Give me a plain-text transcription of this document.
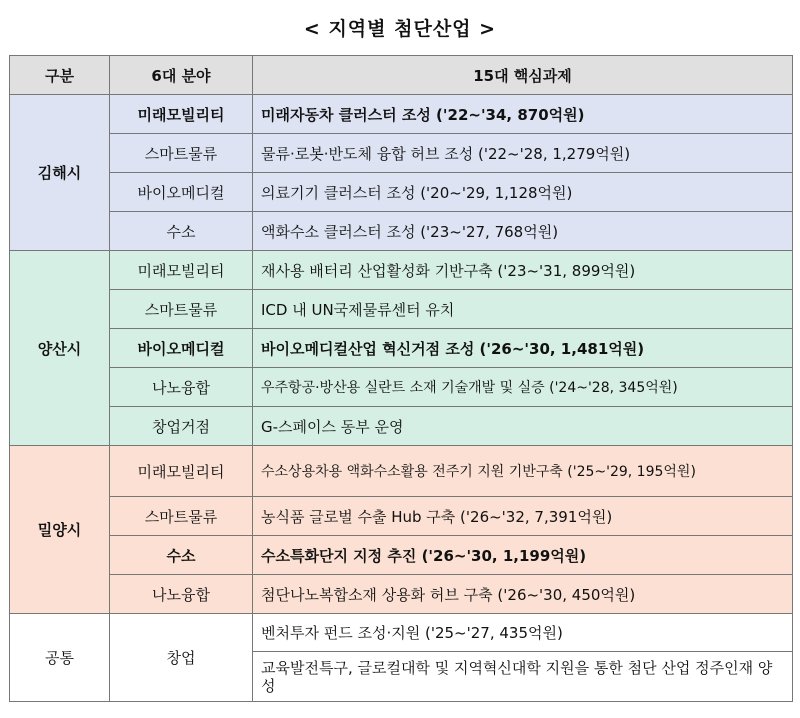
< 지역별 첨단산업 >
구분	6대 분야	15대 핵심과제
김해시	미래모빌리티	미래자동차 클러스터 조성 ('22~'34, 870억원)
	스마트물류	물류·로봇·반도체 융합 허브 조성 ('22~'28, 1,279억원)
	바이오메디컬	의료기기 클러스터 조성 ('20~'29, 1,128억원)
	수소	액화수소 클러스터 조성 ('23~'27, 768억원)
양산시	미래모빌리티	재사용 배터리 산업활성화 기반구축 ('23~'31, 899억원)
	스마트물류	ICD 내 UN국제물류센터 유치
	바이오메디컬	바이오메디컬산업 혁신거점 조성 ('26~'30, 1,481억원)
	나노융합	우주항공·방산용 실란트 소재 기술개발 및 실증 ('24~'28, 345억원)
	창업거점	G-스페이스 동부 운영
밀양시	미래모빌리티	수소상용차용 액화수소활용 전주기 지원 기반구축 ('25~'29, 195억원)
	스마트물류	농식품 글로벌 수출 Hub 구축 ('26~'32, 7,391억원)
	수소	수소특화단지 지정 추진 ('26~'30, 1,199억원)
	나노융합	첨단나노복합소재 상용화 허브 구축 ('26~'30, 450억원)
공통	창업	벤처투자 펀드 조성·지원 ('25~'27, 435억원)
		교육발전특구, 글로컬대학 및 지역혁신대학 지원을 통한 첨단 산업 정주인재 양성
